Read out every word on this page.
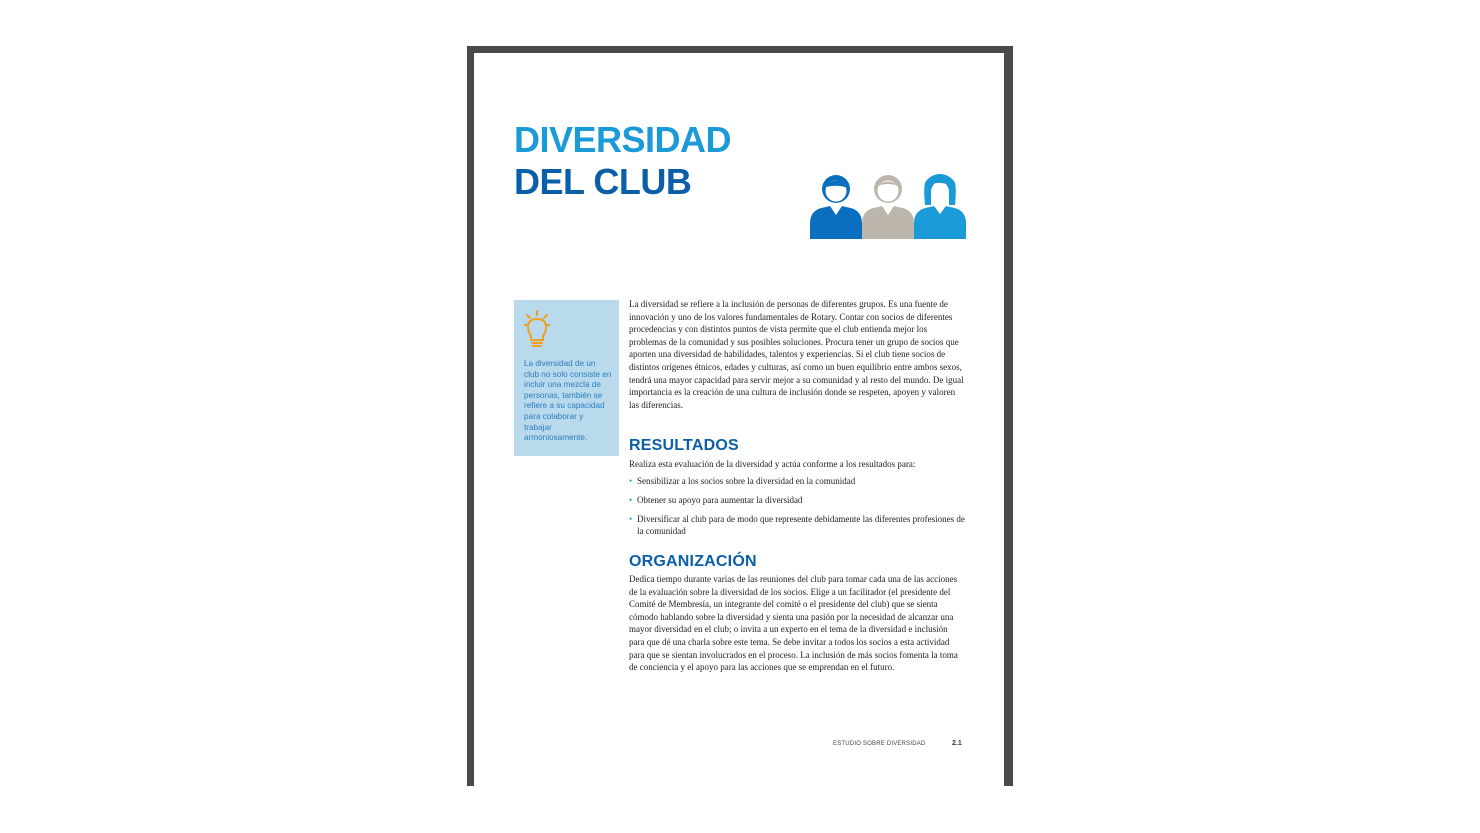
DIVERSIDAD
DEL CLUB
La diversidad de un club no solo consiste en incluir una mezcla de personas, también se refiere a su capacidad para colaborar y trabajar armoniosamente.
La diversidad se refiere a la inclusión de personas de diferentes grupos. Es una fuente de innovación y uno de los valores fundamentales de Rotary. Contar con socios de diferentes procedencias y con distintos puntos de vista permite que el club entienda mejor los problemas de la comunidad y sus posibles soluciones. Procura tener un grupo de socios que aporten una diversidad de habilidades, talentos y experiencias. Si el club tiene socios de distintos orígenes étnicos, edades y culturas, así como un buen equilibrio entre ambos sexos, tendrá una mayor capacidad para servir mejor a su comunidad y al resto del mundo. De igual importancia es la creación de una cultura de inclusión donde se respeten, apoyen y valoren las diferencias.
RESULTADOS
Realiza esta evaluación de la diversidad y actúa conforme a los resultados para:
• Sensibilizar a los socios sobre la diversidad en la comunidad
• Obtener su apoyo para aumentar la diversidad
• Diversificar al club para de modo que represente debidamente las diferentes profesiones de la comunidad
ORGANIZACIÓN
Dedica tiempo durante varias de las reuniones del club para tomar cada una de las acciones de la evaluación sobre la diversidad de los socios. Elige a un facilitador (el presidente del Comité de Membresía, un integrante del comité o el presidente del club) que se sienta cómodo hablando sobre la diversidad y sienta una pasión por la necesidad de alcanzar una mayor diversidad en el club; o invita a un experto en el tema de la diversidad e inclusión para que dé una charla sobre este tema. Se debe invitar a todos los socios a esta actividad para que se sientan involucrados en el proceso. La inclusión de más socios fomenta la toma de conciencia y el apoyo para las acciones que se emprendan en el futuro.
ESTUDIO SOBRE DIVERSIDAD	2.1
